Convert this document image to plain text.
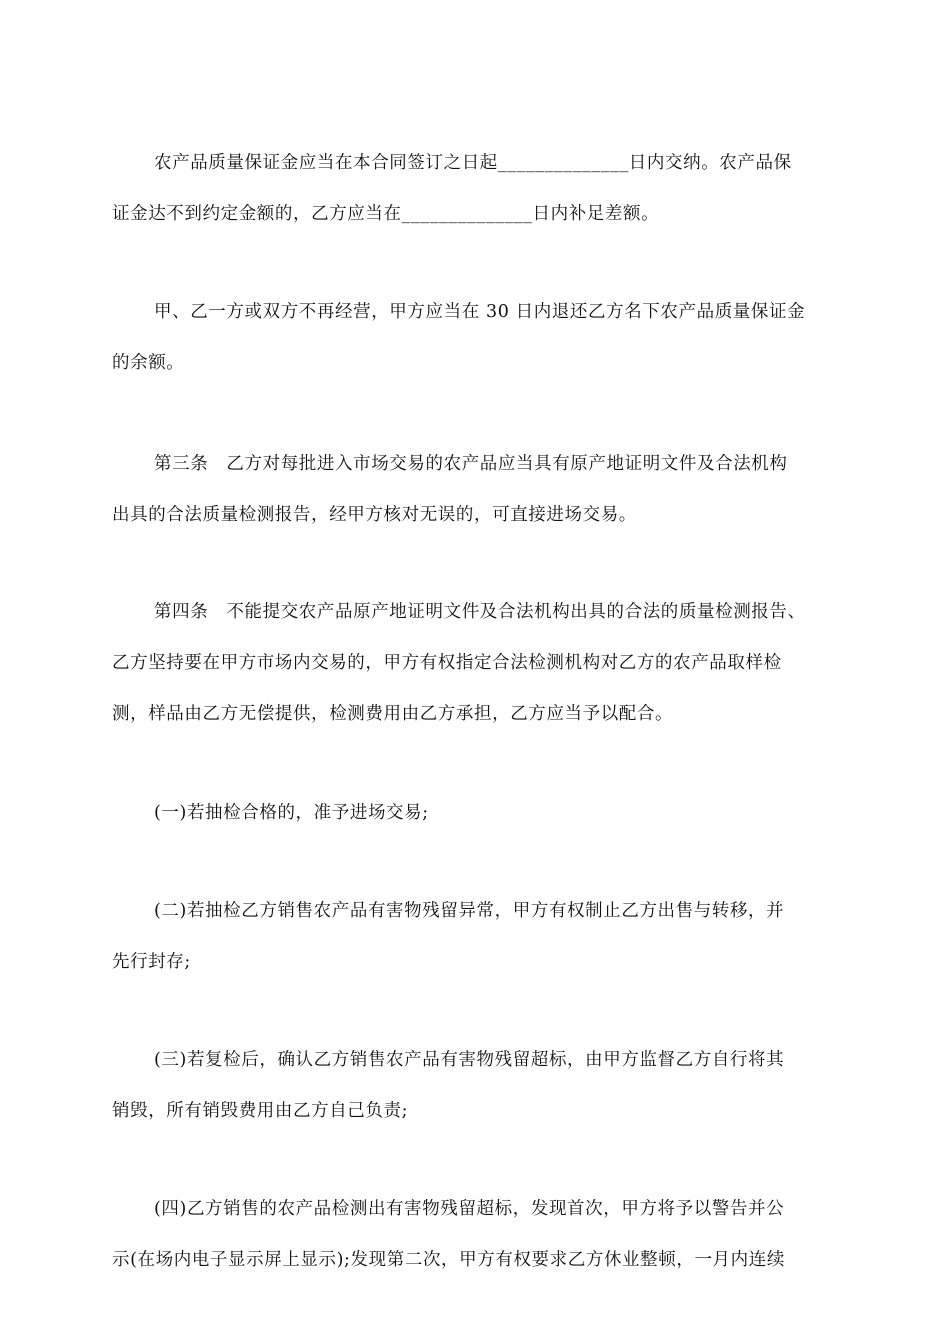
农产品质量保证金应当在本合同签订之日起______________日内交纳。农产品保
证金达不到约定金额的，乙方应当在______________日内补足差额。

甲、乙一方或双方不再经营，甲方应当在 30 日内退还乙方名下农产品质量保证金
的余额。

第三条　乙方对每批进入市场交易的农产品应当具有原产地证明文件及合法机构
出具的合法质量检测报告，经甲方核对无误的，可直接进场交易。

第四条　不能提交农产品原产地证明文件及合法机构出具的合法的质量检测报告、
乙方坚持要在甲方市场内交易的，甲方有权指定合法检测机构对乙方的农产品取样检
测，样品由乙方无偿提供，检测费用由乙方承担，乙方应当予以配合。

(一)若抽检合格的，准予进场交易;

(二)若抽检乙方销售农产品有害物残留异常，甲方有权制止乙方出售与转移，并
先行封存;

(三)若复检后，确认乙方销售农产品有害物残留超标，由甲方监督乙方自行将其
销毁，所有销毁费用由乙方自己负责;

(四)乙方销售的农产品检测出有害物残留超标，发现首次，甲方将予以警告并公
示(在场内电子显示屏上显示);发现第二次，甲方有权要求乙方休业整顿，一月内连续
